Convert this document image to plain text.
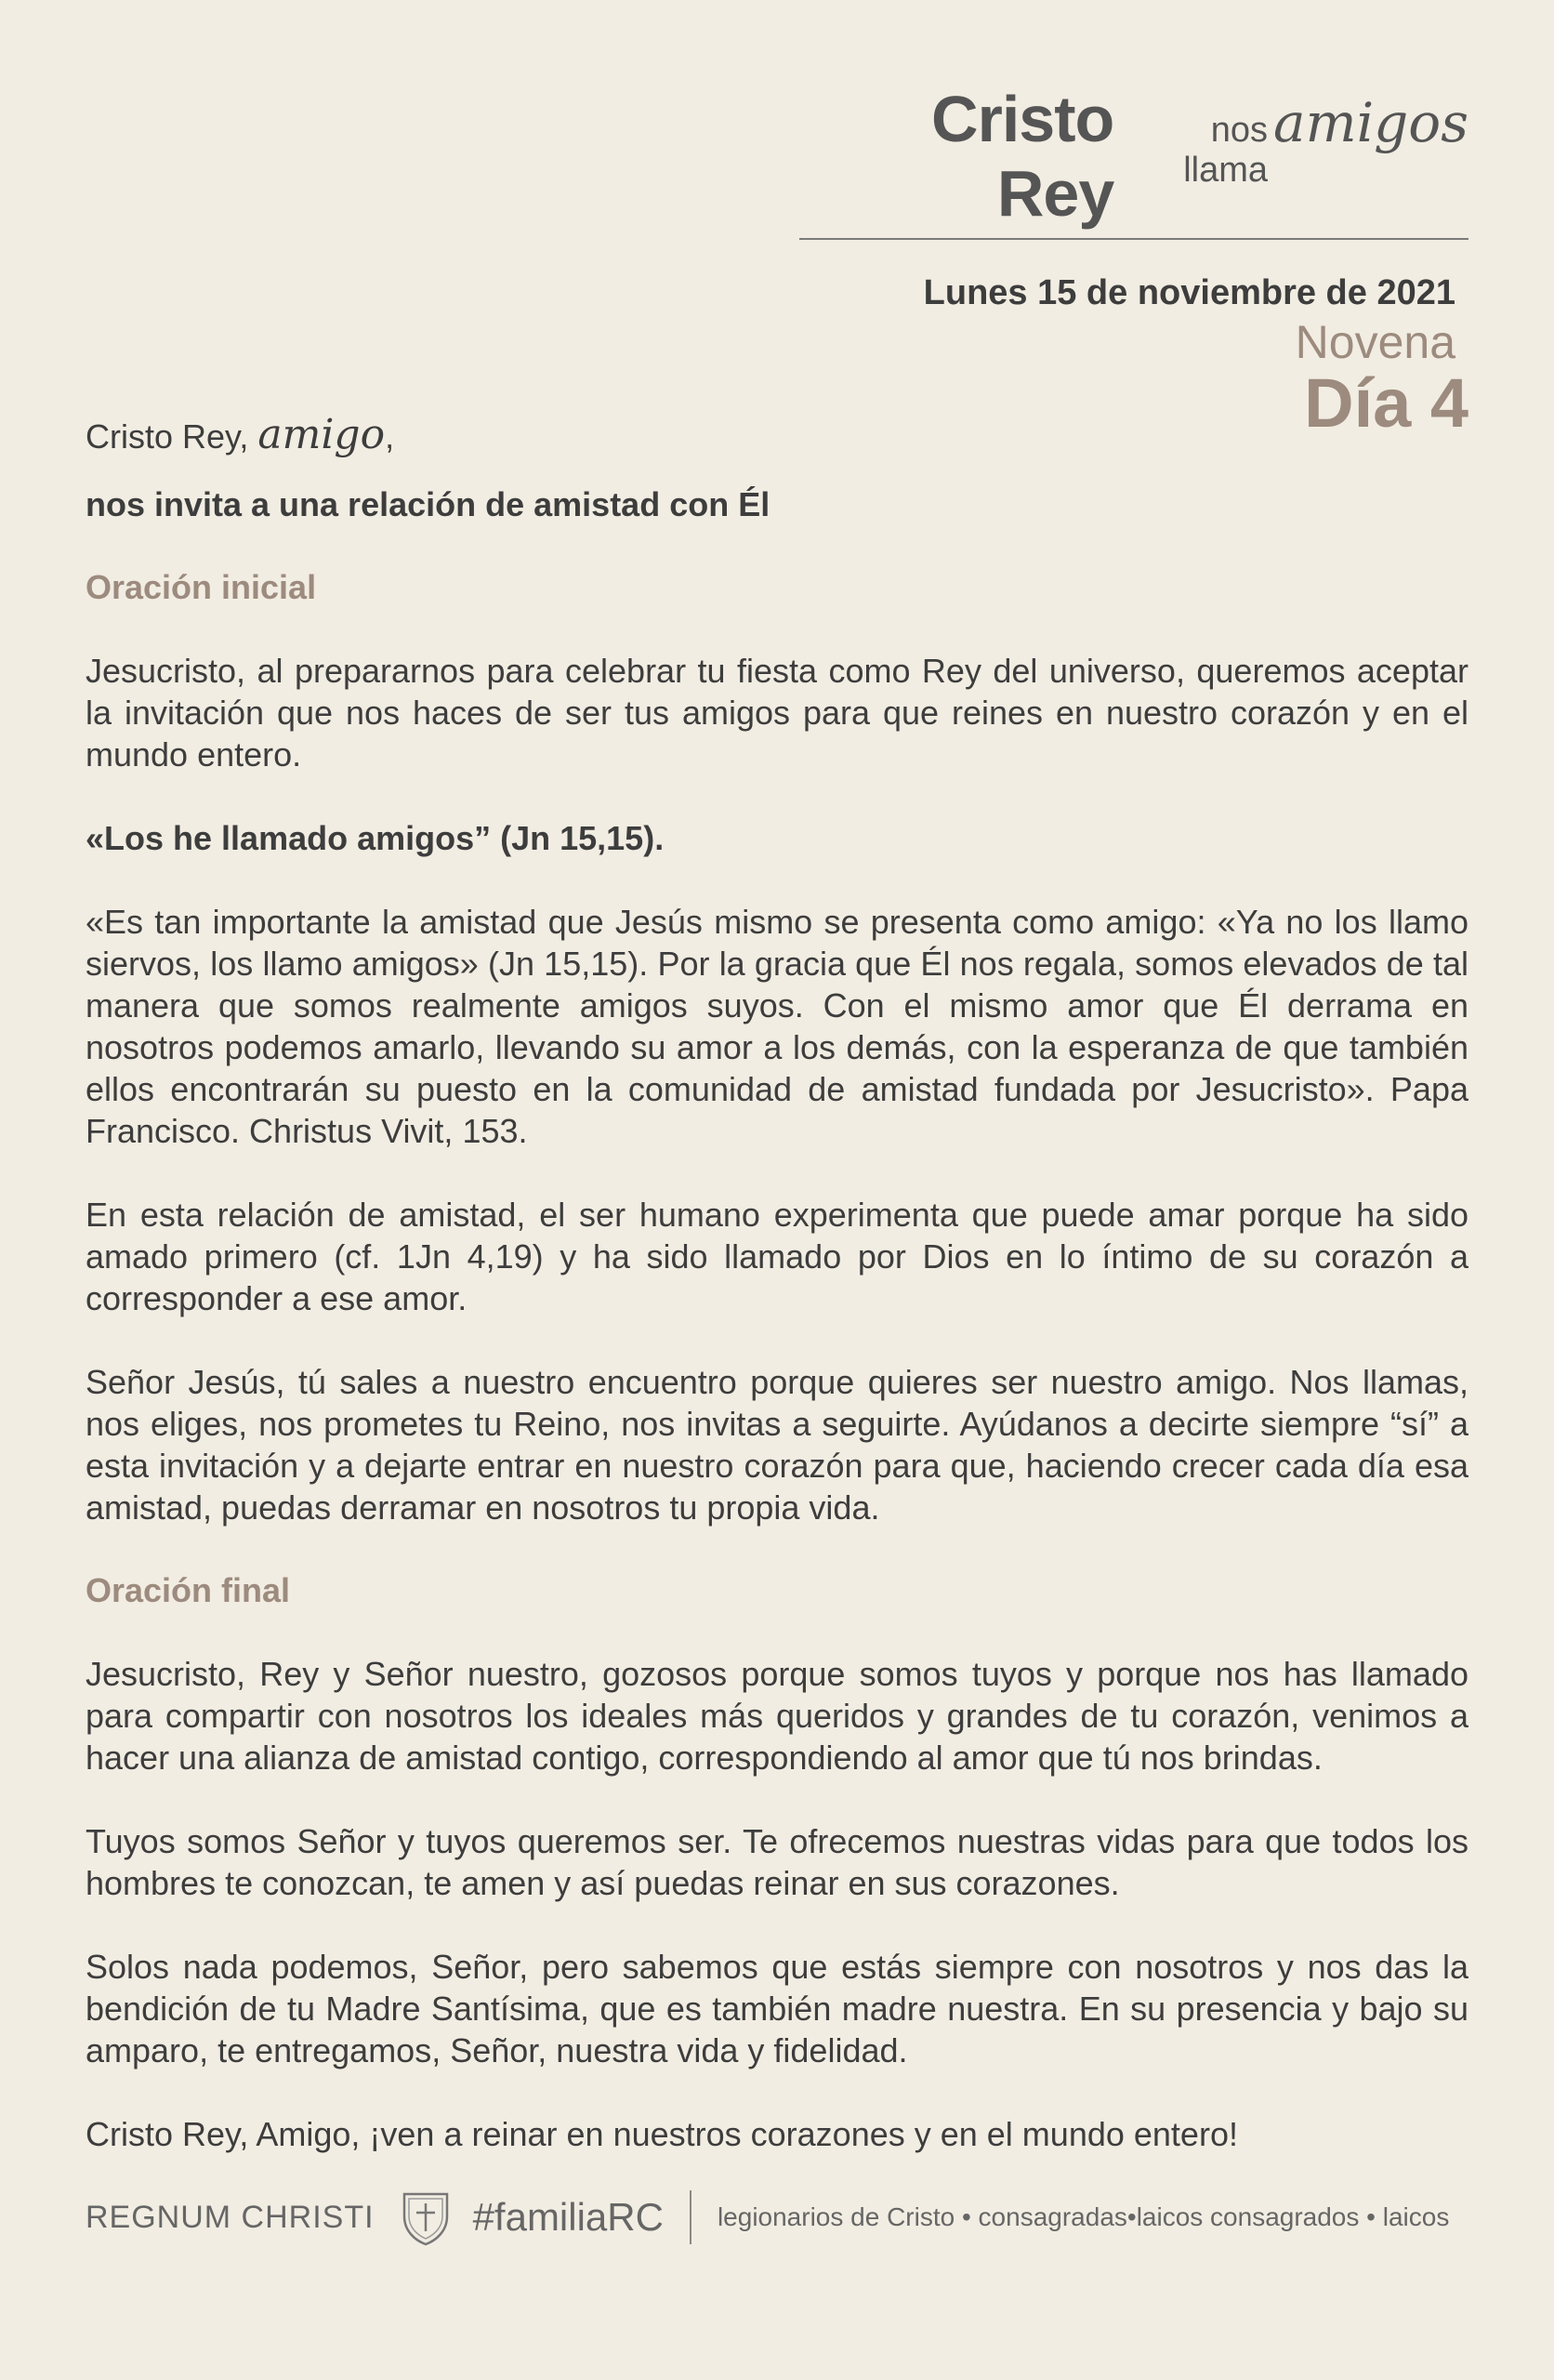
Cristo Rey
nos llama
amigos
Lunes 15 de noviembre de 2021
Novena
Día 4

Cristo Rey, amigo,

nos invita a una relación de amistad con Él

Oración inicial

Jesucristo, al prepararnos para celebrar tu fiesta como Rey del universo, queremos aceptar la invitación que nos haces de ser tus amigos para que reines en nuestro corazón y en el mundo entero.

«Los he llamado amigos” (Jn 15,15).

«Es tan importante la amistad que Jesús mismo se presenta como amigo: «Ya no los llamo siervos, los llamo amigos» (Jn 15,15). Por la gracia que Él nos regala, somos elevados de tal manera que somos realmente amigos suyos. Con el mismo amor que Él derrama en nosotros podemos amarlo, llevando su amor a los demás, con la esperanza de que también ellos encontrarán su puesto en la comunidad de amistad fundada por Jesucristo». Papa Francisco. Christus Vivit, 153.

En esta relación de amistad, el ser humano experimenta que puede amar porque ha sido amado primero (cf. 1Jn 4,19) y ha sido llamado por Dios en lo íntimo de su corazón a corresponder a ese amor.

Señor Jesús, tú sales a nuestro encuentro porque quieres ser nuestro amigo. Nos llamas, nos eliges, nos prometes tu Reino, nos invitas a seguirte. Ayúdanos a decirte siempre “sí” a esta invitación y a dejarte entrar en nuestro corazón para que, haciendo crecer cada día esa amistad, puedas derramar en nosotros tu propia vida.

Oración final

Jesucristo, Rey y Señor nuestro, gozosos porque somos tuyos y porque nos has llamado para compartir con nosotros los ideales más queridos y grandes de tu corazón, venimos a hacer una alianza de amistad contigo, correspondiendo al amor que tú nos brindas.

Tuyos somos Señor y tuyos queremos ser. Te ofrecemos nuestras vidas para que todos los hombres te conozcan, te amen y así puedas reinar en sus corazones.

Solos nada podemos, Señor, pero sabemos que estás siempre con nosotros y nos das la bendición de tu Madre Santísima, que es también madre nuestra. En su presencia y bajo su amparo, te entregamos, Señor, nuestra vida y fidelidad.

Cristo Rey, Amigo, ¡ven a reinar en nuestros corazones y en el mundo entero!

REGNUM CHRISTI	#familiaRC legionarios de Cristo • consagradas•laicos consagrados • laicos
